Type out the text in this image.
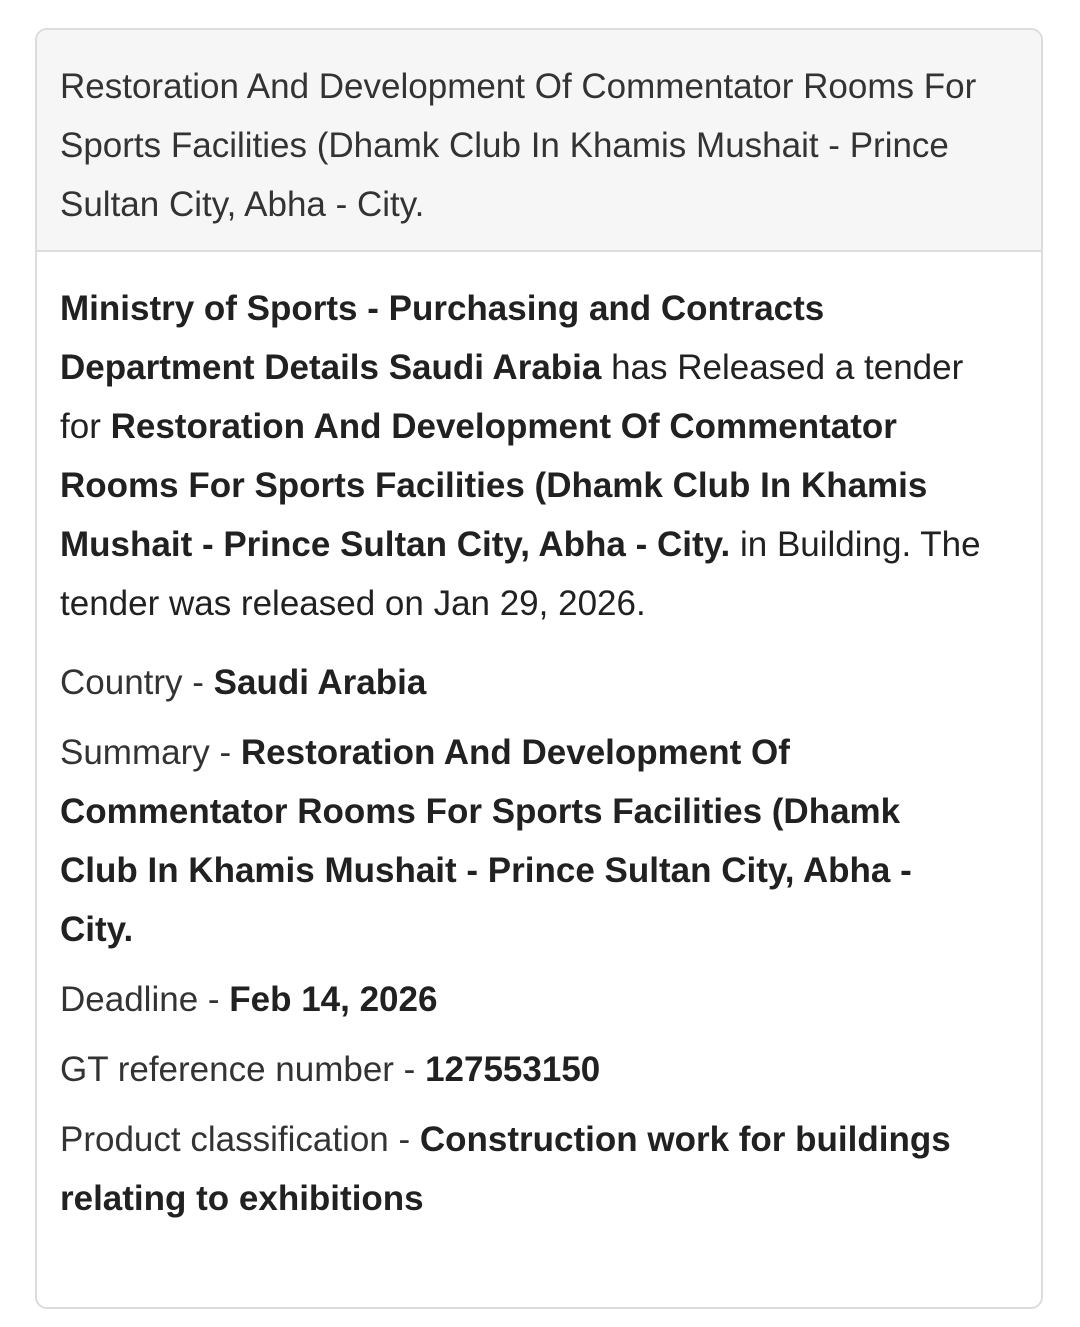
Restoration And Development Of Commentator Rooms For Sports Facilities (Dhamk Club In Khamis Mushait - Prince Sultan City, Abha - City.

Ministry of Sports - Purchasing and Contracts Department Details Saudi Arabia has Released a tender for Restoration And Development Of Commentator Rooms For Sports Facilities (Dhamk Club In Khamis Mushait - Prince Sultan City, Abha - City. in Building. The tender was released on Jan 29, 2026.

Country - Saudi Arabia
Summary - Restoration And Development Of Commentator Rooms For Sports Facilities (Dhamk Club In Khamis Mushait - Prince Sultan City, Abha - City.
Deadline - Feb 14, 2026
GT reference number - 127553150
Product classification - Construction work for buildings relating to exhibitions
